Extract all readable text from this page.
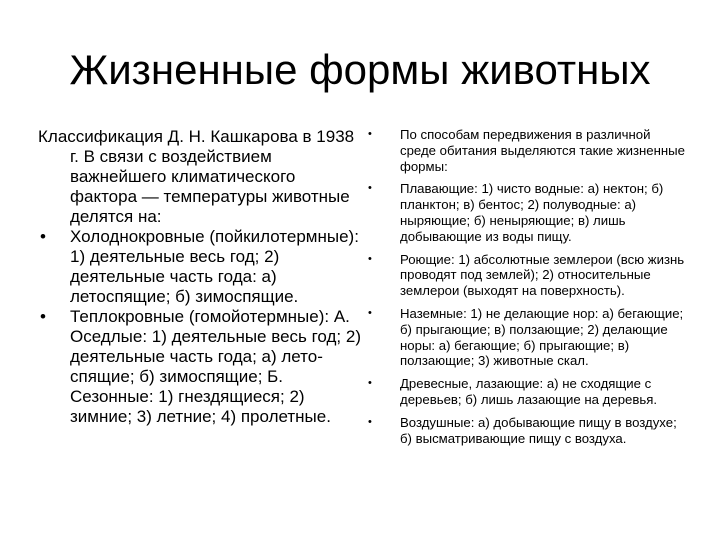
Жизненные формы животных

Классификация Д. Н. Кашкарова в 1938 г. В связи с воздействием важнейшего климатического фактора — температуры животные делятся на:

•	Холоднокровные (пойкилотермные): 1) деятельные весь год; 2) деятельные часть года: а) летоспящие; б) зимоспящие.
•	Теплокровные (гомойотермные): А. Оседлые: 1) деятельные весь год; 2) деятельные часть года; а) лето-спящие; б) зимоспящие; Б. Сезонные: 1) гнездящиеся; 2) зимние; 3) летние; 4) пролетные.
• По способам передвижения в различной среде обитания выделяются такие жизненные формы:
• Плавающие: 1) чисто водные: а) нектон; б) планктон; в) бентос; 2) полуводные: а) ныряющие; б) неныряющие; в) лишь добывающие из воды пищу.
• Роющие: 1) абсолютные землерои (всю жизнь проводят под землей); 2) относительные землерои (выходят на поверхность).
• Наземные: 1) не делающие нор: а) бегающие; б) прыгающие; в) ползающие; 2) делающие норы: а) бегающие; б) прыгающие; в) ползающие; 3) животные скал.
• Древесные, лазающие: а) не сходящие с деревьев; б) лишь лазающие на деревья.
• Воздушные: а) добывающие пищу в воздухе; б) высматривающие пищу с воздуха.
